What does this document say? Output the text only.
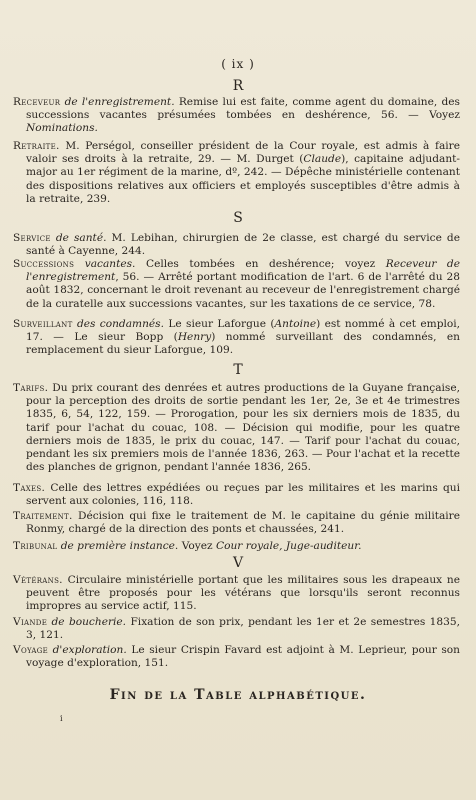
( ix )
R
Receveur de l'enregistrement. Remise lui est faite, comme agent du domaine, des successions vacantes présumées tombées en deshérence, 56. — Voyez Nominations.
Retraite. M. Perségol, conseiller président de la Cour royale, est admis à faire valoir ses droits à la retraite, 29. — M. Durget (Claude), capitaine adjudant-major au 1er régiment de la marine, dº, 242. — Dépêche ministérielle contenant des dispositions relatives aux officiers et employés susceptibles d'être admis à la retraite, 239.
S
Service de santé. M. Lebihan, chirurgien de 2e classe, est chargé du service de santé à Cayenne, 244.
Successions vacantes. Celles tombées en deshérence; voyez Receveur de l'enregistrement, 56. — Arrêté portant modification de l'art. 6 de l'arrêté du 28 août 1832, concernant le droit revenant au receveur de l'enregistrement chargé de la curatelle aux successions vacantes, sur les taxations de ce service, 78.
Surveillant des condamnés. Le sieur Laforgue (Antoine) est nommé à cet emploi, 17. — Le sieur Bopp (Henry) nommé surveillant des condamnés, en remplacement du sieur Laforgue, 109.
T
Tarifs. Du prix courant des denrées et autres productions de la Guyane française, pour la perception des droits de sortie pendant les 1er, 2e, 3e et 4e trimestres 1835, 6, 54, 122, 159. — Prorogation, pour les six derniers mois de 1835, du tarif pour l'achat du couac, 108. — Décision qui modifie, pour les quatre derniers mois de 1835, le prix du couac, 147. — Tarif pour l'achat du couac, pendant les six premiers mois de l'année 1836, 263. — Pour l'achat et la recette des planches de grignon, pendant l'année 1836, 265.
Taxes. Celle des lettres expédiées ou reçues par les militaires et les marins qui servent aux colonies, 116, 118.
Traitement. Décision qui fixe le traitement de M. le capitaine du génie militaire Ronmy, chargé de la direction des ponts et chaussées, 241.
Tribunal de première instance. Voyez Cour royale, Juge-auditeur.
V
Vétérans. Circulaire ministérielle portant que les militaires sous les drapeaux ne peuvent être proposés pour les vétérans que lorsqu'ils seront reconnus impropres au service actif, 115.
Viande de boucherie. Fixation de son prix, pendant les 1er et 2e semestres 1835, 3, 121.
Voyage d'exploration. Le sieur Crispin Favard est adjoint à M. Leprieur, pour son voyage d'exploration, 151.
Fin de la Table alphabétique.
i
